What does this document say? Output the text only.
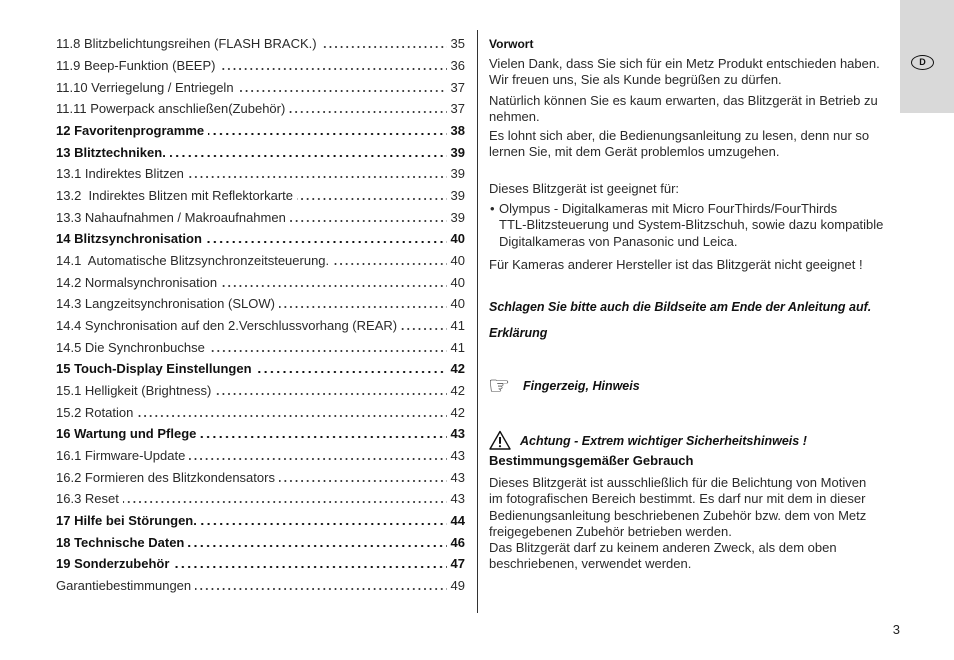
11.8 Blitzbelichtungsreihen (FLASH BRACK.)	35
11.9 Beep-Funktion (BEEP)	36
11.10 Verriegelung / Entriegeln	37
11.11 Powerpack anschließen(Zubehör)	37
12 Favoritenprogramme	38
13 Blitztechniken.	39
13.1 Indirektes Blitzen	39
13.2  Indirektes Blitzen mit Reflektorkarte	39
13.3 Nahaufnahmen / Makroaufnahmen	39
14 Blitzsynchronisation	40
14.1  Automatische Blitzsynchronzeitsteuerung.	40
14.2 Normalsynchronisation	40
14.3 Langzeitsynchronisation (SLOW)	40
14.4 Synchronisation auf den 2.Verschlussvorhang (REAR)	41
14.5 Die Synchronbuchse	41
15 Touch-Display Einstellungen	42
15.1 Helligkeit (Brightness)	42
15.2 Rotation	42
16 Wartung und Pflege	43
16.1 Firmware-Update	43
16.2 Formieren des Blitzkondensators	43
16.3 Reset	43
17 Hilfe bei Störungen.	44
18 Technische Daten	46
19 Sonderzubehör	47
Garantiebestimmungen	49
Vorwort
Vielen Dank, dass Sie sich für ein Metz Produkt entschieden haben.
Wir freuen uns, Sie als Kunde begrüßen zu dürfen.
Natürlich können Sie es kaum erwarten, das Blitzgerät in Betrieb zu
nehmen.
Es lohnt sich aber, die Bedienungsanleitung zu lesen, denn nur so
lernen Sie, mit dem Gerät problemlos umzugehen.
Dieses Blitzgerät ist geeignet für:
• Olympus - Digitalkameras mit Micro FourThirds/FourThirds
TTL-Blitzsteuerung und System-Blitzschuh, sowie dazu kompatible
Digitalkameras von Panasonic und Leica.
Für Kameras anderer Hersteller ist das Blitzgerät nicht geeignet !
Schlagen Sie bitte auch die Bildseite am Ende der Anleitung auf.
Erklärung
☞
Fingerzeig, Hinweis
Achtung - Extrem wichtiger Sicherheitshinweis !
Bestimmungsgemäßer Gebrauch
Dieses Blitzgerät ist ausschließlich für die Belichtung von Motiven
im fotografischen Bereich bestimmt. Es darf nur mit dem in dieser
Bedienungsanleitung beschriebenen Zubehör bzw. dem von Metz
freigegebenen Zubehör betrieben werden.
Das Blitzgerät darf zu keinem anderen Zweck, als dem oben
beschriebenen, verwendet werden.
D
3
